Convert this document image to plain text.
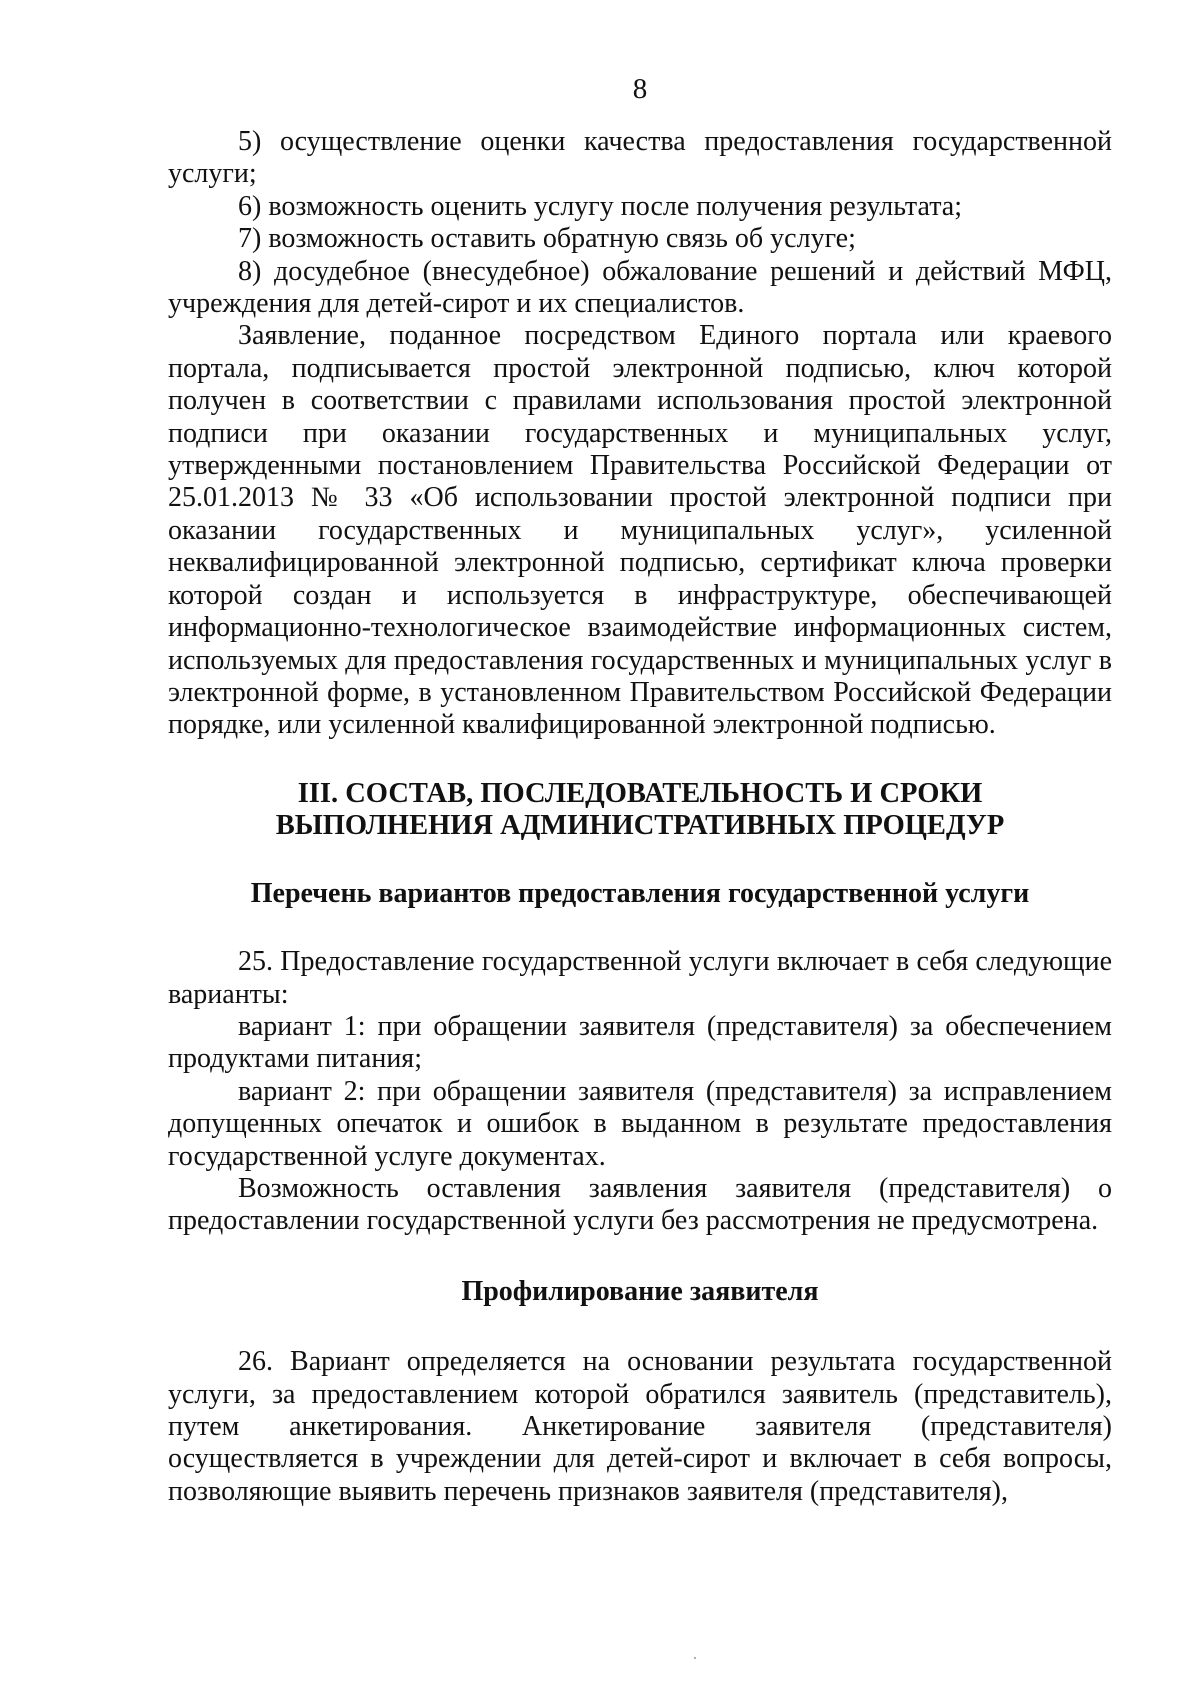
8

5) осуществление оценки качества предоставления государственной услуги;

6) возможность оценить услугу после получения результата;

7) возможность оставить обратную связь об услуге;

8) досудебное (внесудебное) обжалование решений и действий МФЦ, учреждения для детей-сирот и их специалистов.

Заявление, поданное посредством Единого портала или краевого портала, подписывается простой электронной подписью, ключ которой получен в соответствии с правилами использования простой электронной подписи при оказании государственных и муниципальных услуг, утвержденными постановлением Правительства Российской Федерации от 25.01.2013 № 33 «Об использовании простой электронной подписи при оказании государственных и муниципальных услуг», усиленной неквалифицированной электронной подписью, сертификат ключа проверки которой создан и используется в инфраструктуре, обеспечивающей информационно-технологическое взаимодействие информационных систем, используемых для предоставления государственных и муниципальных услуг в электронной форме, в установленном Правительством Российской Федерации порядке, или усиленной квалифицированной электронной подписью.

III. СОСТАВ, ПОСЛЕДОВАТЕЛЬНОСТЬ И СРОКИ
ВЫПОЛНЕНИЯ АДМИНИСТРАТИВНЫХ ПРОЦЕДУР

Перечень вариантов предоставления государственной услуги

25. Предоставление государственной услуги включает в себя следующие варианты:

вариант 1: при обращении заявителя (представителя) за обеспечением продуктами питания;

вариант 2: при обращении заявителя (представителя) за исправлением допущенных опечаток и ошибок в выданном в результате предоставления государственной услуге документах.

Возможность оставления заявления заявителя (представителя) о предоставлении государственной услуги без рассмотрения не предусмотрена.

Профилирование заявителя

26. Вариант определяется на основании результата государственной услуги, за предоставлением которой обратился заявитель (представитель), путем анкетирования. Анкетирование заявителя (представителя) осуществляется в учреждении для детей-сирот и включает в себя вопросы, позволяющие выявить перечень признаков заявителя (представителя),
